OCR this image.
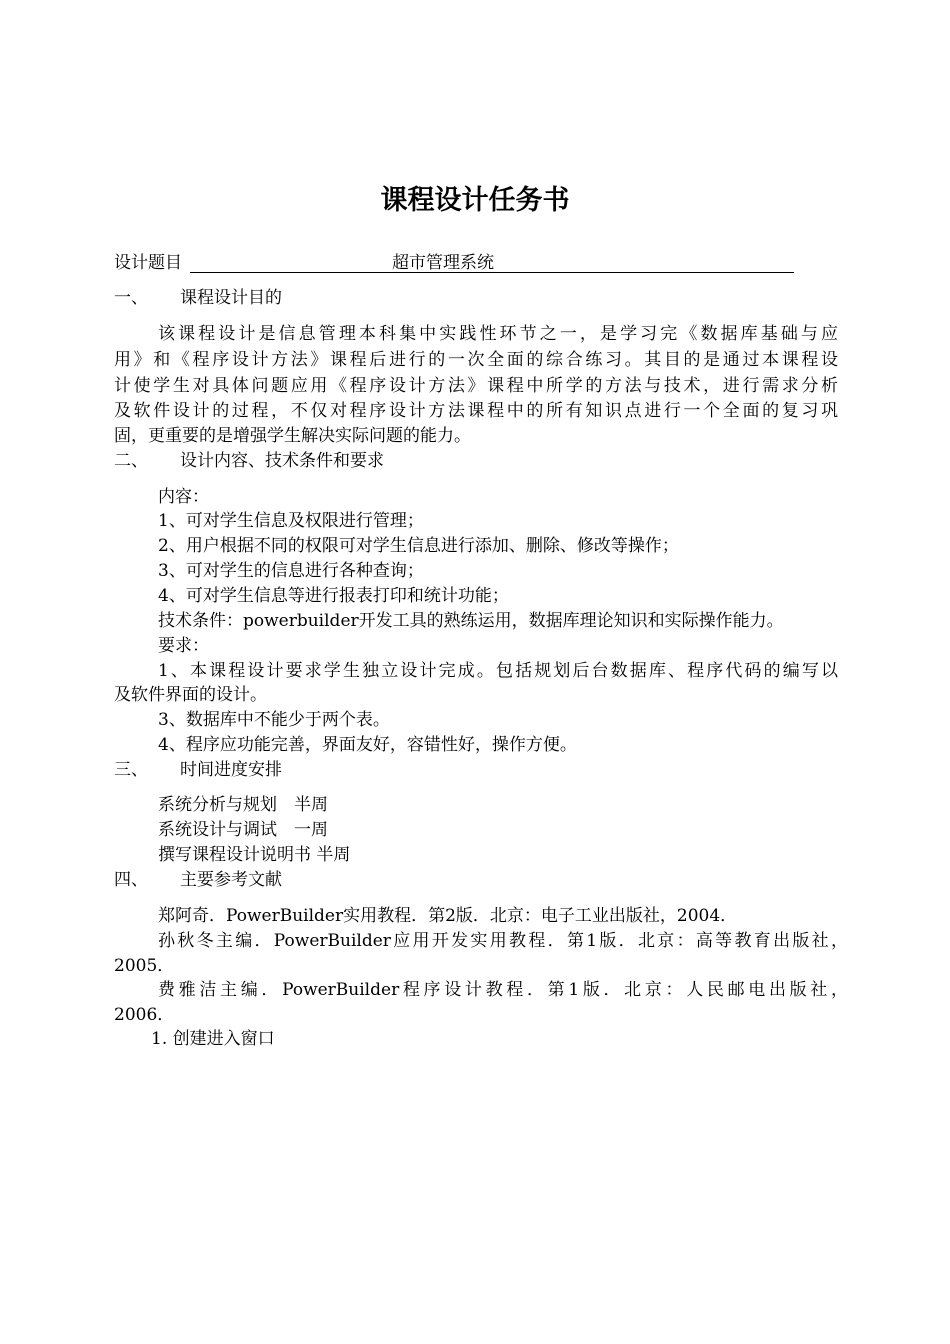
课程设计任务书
设计题目	超市管理系统
一、 课程设计目的
该课程设计是信息管理本科集中实践性环节之一，是学习完《数据库基础与应
用》和《程序设计方法》课程后进行的一次全面的综合练习。其目的是通过本课程设
计使学生对具体问题应用《程序设计方法》课程中所学的方法与技术，进行需求分析
及软件设计的过程，不仅对程序设计方法课程中的所有知识点进行一个全面的复习巩
固，更重要的是增强学生解决实际问题的能力。
二、 设计内容、技术条件和要求
内容：
1、可对学生信息及权限进行管理；
2、用户根据不同的权限可对学生信息进行添加、删除、修改等操作；
3、可对学生的信息进行各种查询；
4、可对学生信息等进行报表打印和统计功能；
技术条件：powerbuilder开发工具的熟练运用，数据库理论知识和实际操作能力。
要求：
1、本课程设计要求学生独立设计完成。包括规划后台数据库、程序代码的编写以
及软件界面的设计。
3、数据库中不能少于两个表。
4、程序应功能完善，界面友好，容错性好，操作方便。
三、 时间进度安排
系统分析与规划　半周
系统设计与调试　一周
撰写课程设计说明书 半周
四、 主要参考文献
郑阿奇．PowerBuilder实用教程．第2版．北京：电子工业出版社，2004．
孙秋冬主编．PowerBuilder应用开发实用教程．第1版．北京：高等教育出版社，
2005．
费雅洁主编．PowerBuilder程序设计教程．第1版．北京：人民邮电出版社，
2006．
1. 创建进入窗口
